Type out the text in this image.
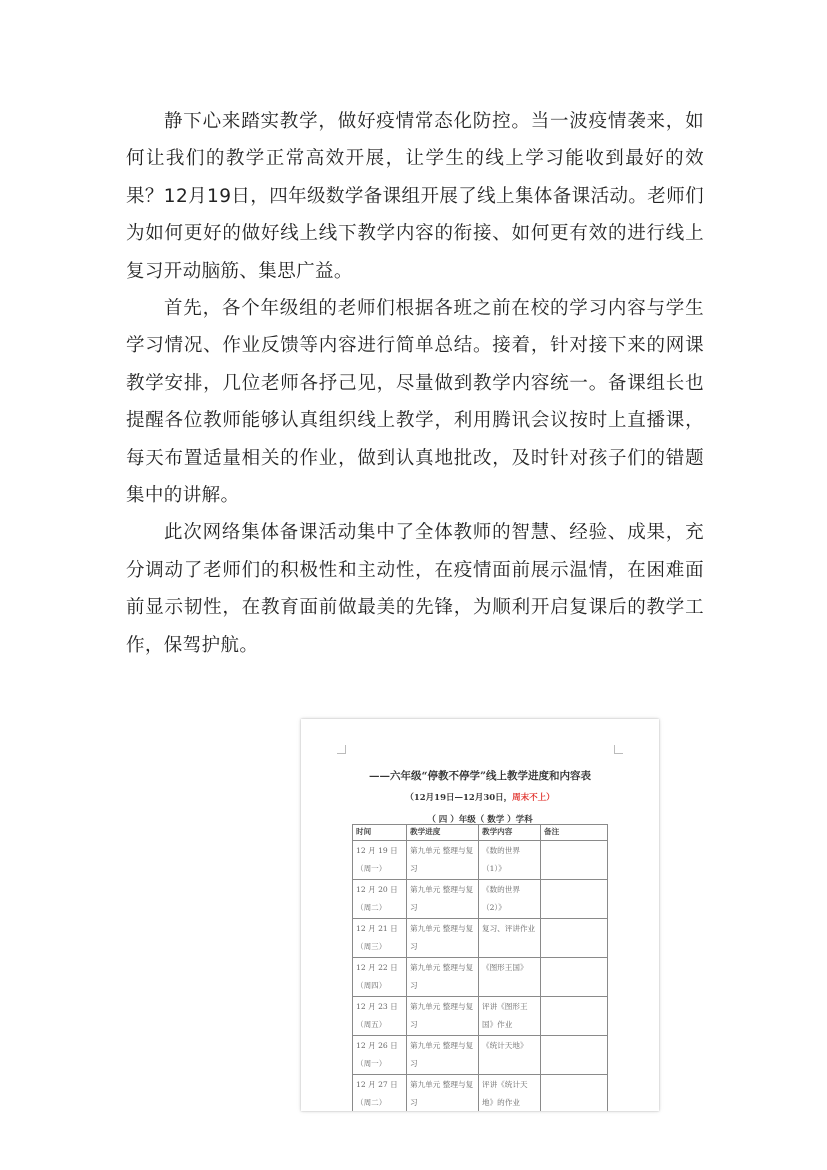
静下心来踏实教学，做好疫情常态化防控。当一波疫情袭来，如何让我们的教学正常高效开展，让学生的线上学习能收到最好的效果？12月19日，四年级数学备课组开展了线上集体备课活动。老师们为如何更好的做好线上线下教学内容的衔接、如何更有效的进行线上复习开动脑筋、集思广益。

首先，各个年级组的老师们根据各班之前在校的学习内容与学生学习情况、作业反馈等内容进行简单总结。接着，针对接下来的网课教学安排，几位老师各抒己见，尽量做到教学内容统一。备课组长也提醒各位教师能够认真组织线上教学，利用腾讯会议按时上直播课，每天布置适量相关的作业，做到认真地批改，及时针对孩子们的错题集中的讲解。

此次网络集体备课活动集中了全体教师的智慧、经验、成果，充分调动了老师们的积极性和主动性，在疫情面前展示温情，在困难面前显示韧性，在教育面前做最美的先锋，为顺利开启复课后的教学工作，保驾护航。

——六年级“停教不停学”线上教学进度和内容表
（12月19日—12月30日，周末不上）
（ 四 ）年级（ 数学 ）学科
时间	教学进度	教学内容	备注
12 月 19 日（周一）	第九单元 整理与复习	《数的世界（1）》	
12 月 20 日（周二）	第九单元 整理与复习	《数的世界（2）》	
12 月 21 日（周三）	第九单元 整理与复习	复习、评讲作业	
12 月 22 日（周四）	第九单元 整理与复习	《图形王国》	
12 月 23 日（周五）	第九单元 整理与复习	评讲《图形王国》作业	
12 月 26 日（周一）	第九单元 整理与复习	《统计天地》	
12 月 27 日（周二）	第九单元 整理与复习	评讲《统计天地》的作业	
